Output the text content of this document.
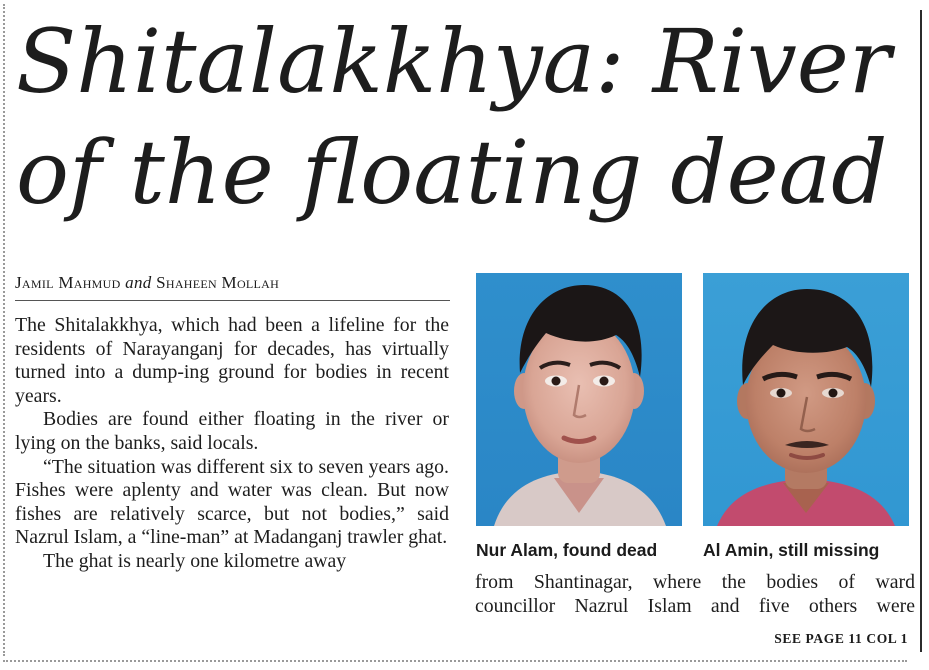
Shitalakkhya: River
of the floating dead
Jamil Mahmud and Shaheen Mollah

The Shitalakkhya, which had been a lifeline for the residents of Narayanganj for decades, has virtually turned into a dump-ing ground for bodies in recent years.

Bodies are found either floating in the river or lying on the banks, said locals.

“The situation was different six to seven years ago. Fishes were aplenty and water was clean. But now fishes are relatively scarce, but not bodies,” said Nazrul Islam, a “line-man” at Madanganj trawler ghat.

The ghat is nearly one kilometre away	Nur Alam, found dead	Al Amin, still missing
from Shantinagar, where the bodies of ward
councillor Nazrul Islam and five others were
SEE PAGE 11 COL 1
